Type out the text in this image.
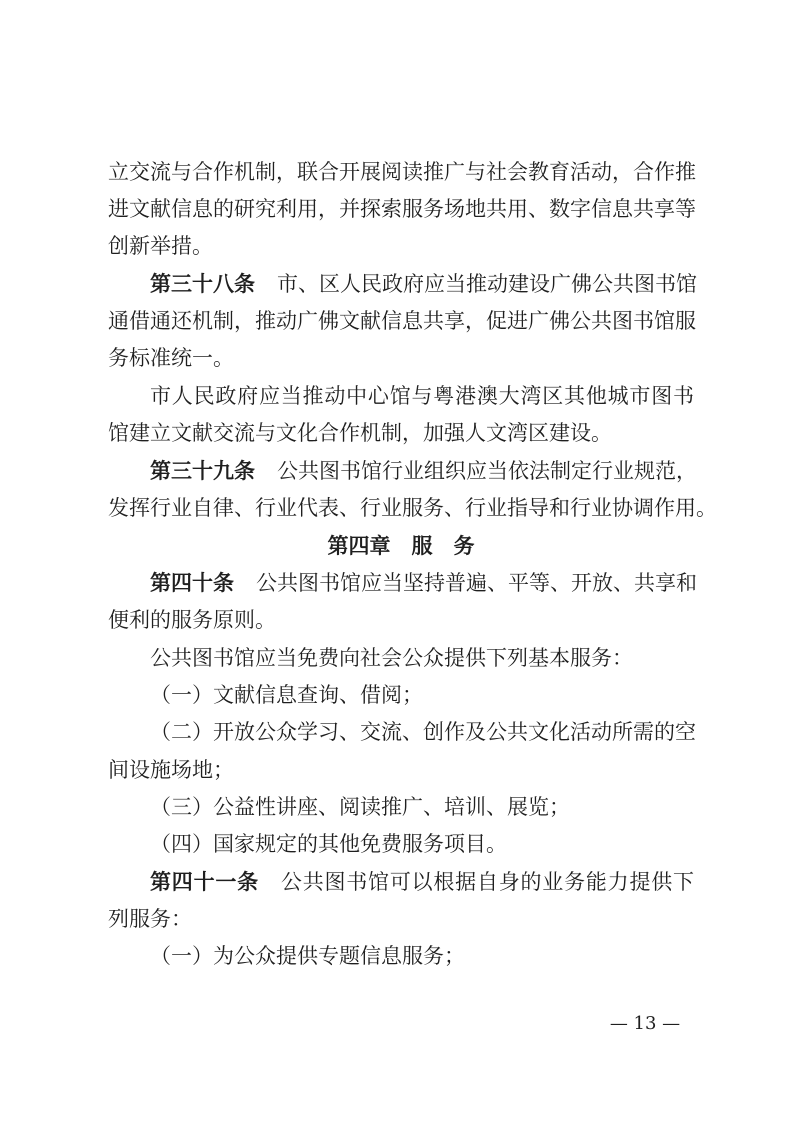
立交流与合作机制，联合开展阅读推广与社会教育活动，合作推
进文献信息的研究利用，并探索服务场地共用、数字信息共享等
创新举措。
第三十八条 市、区人民政府应当推动建设广佛公共图书馆
通借通还机制，推动广佛文献信息共享，促进广佛公共图书馆服
务标准统一。
市人民政府应当推动中心馆与粤港澳大湾区其他城市图书
馆建立文献交流与文化合作机制，加强人文湾区建设。
第三十九条 公共图书馆行业组织应当依法制定行业规范，
发挥行业自律、行业代表、行业服务、行业指导和行业协调作用。
第四章　服　务
第四十条 公共图书馆应当坚持普遍、平等、开放、共享和
便利的服务原则。
公共图书馆应当免费向社会公众提供下列基本服务：
（一）文献信息查询、借阅；
（二）开放公众学习、交流、创作及公共文化活动所需的空
间设施场地；
（三）公益性讲座、阅读推广、培训、展览；
（四）国家规定的其他免费服务项目。
第四十一条 公共图书馆可以根据自身的业务能力提供下
列服务：
（一）为公众提供专题信息服务；
— 13 —
